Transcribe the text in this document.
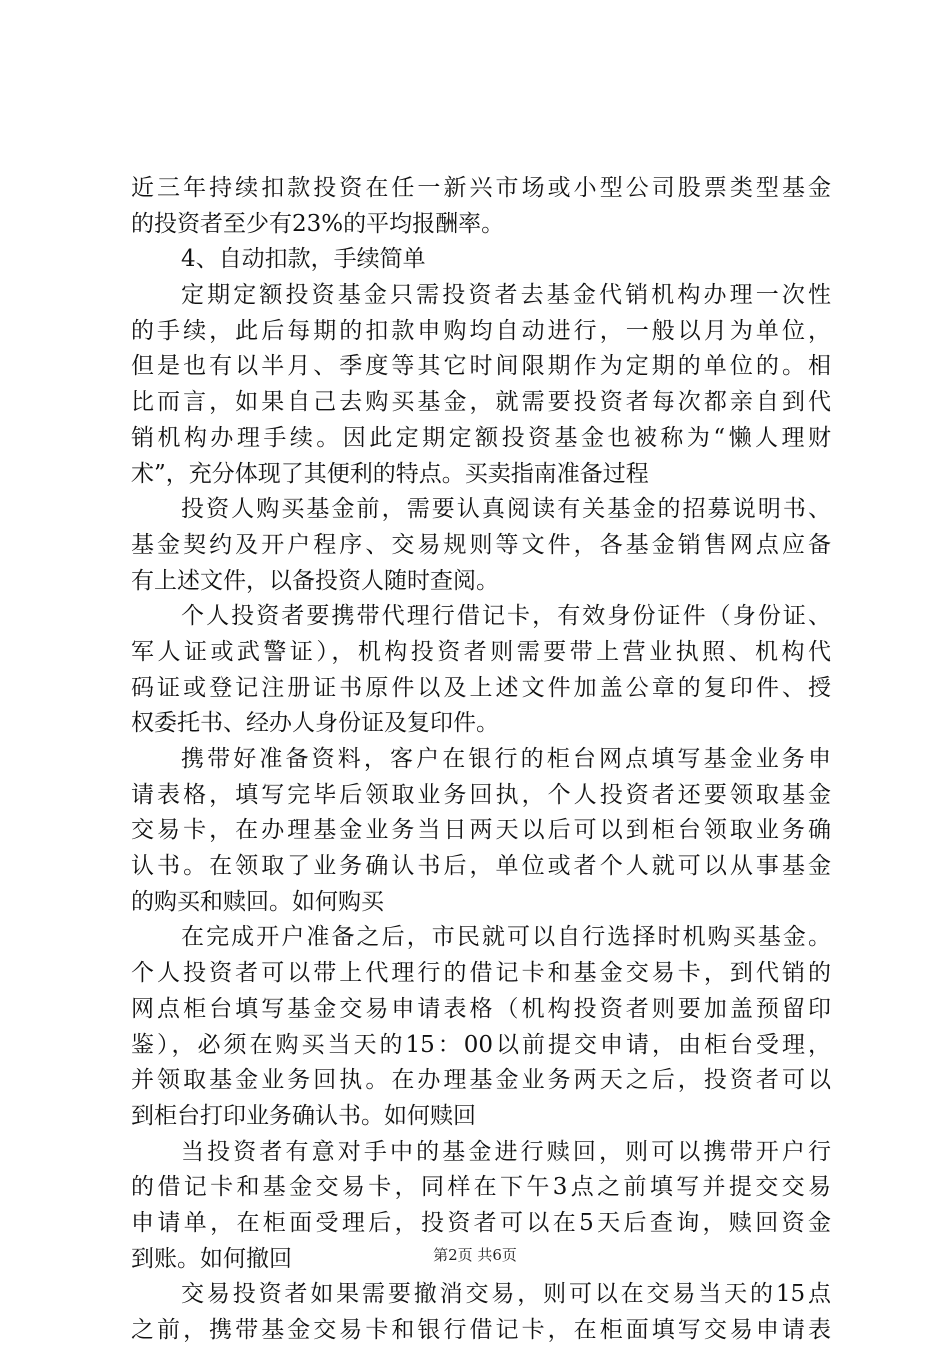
近三年持续扣款投资在任一新兴市场或小型公司股票类型基金
的投资者至少有23%的平均报酬率。
4、自动扣款，手续简单
定期定额投资基金只需投资者去基金代销机构办理一次性
的手续，此后每期的扣款申购均自动进行，一般以月为单位，
但是也有以半月、季度等其它时间限期作为定期的单位的。相
比而言，如果自己去购买基金，就需要投资者每次都亲自到代
销机构办理手续。因此定期定额投资基金也被称为“懒人理财
术”，充分体现了其便利的特点。买卖指南准备过程
投资人购买基金前，需要认真阅读有关基金的招募说明书、
基金契约及开户程序、交易规则等文件，各基金销售网点应备
有上述文件，以备投资人随时查阅。
个人投资者要携带代理行借记卡，有效身份证件（身份证、
军人证或武警证），机构投资者则需要带上营业执照、机构代
码证或登记注册证书原件以及上述文件加盖公章的复印件、授
权委托书、经办人身份证及复印件。
携带好准备资料，客户在银行的柜台网点填写基金业务申
请表格，填写完毕后领取业务回执，个人投资者还要领取基金
交易卡，在办理基金业务当日两天以后可以到柜台领取业务确
认书。在领取了业务确认书后，单位或者个人就可以从事基金
的购买和赎回。如何购买
在完成开户准备之后，市民就可以自行选择时机购买基金。
个人投资者可以带上代理行的借记卡和基金交易卡，到代销的
网点柜台填写基金交易申请表格（机构投资者则要加盖预留印
鉴），必须在购买当天的15：00以前提交申请，由柜台受理，
并领取基金业务回执。在办理基金业务两天之后，投资者可以
到柜台打印业务确认书。如何赎回
当投资者有意对手中的基金进行赎回，则可以携带开户行
的借记卡和基金交易卡，同样在下午3点之前填写并提交交易
申请单，在柜面受理后，投资者可以在5天后查询，赎回资金
到账。如何撤回
交易投资者如果需要撤消交易，则可以在交易当天的15点
之前，携带基金交易卡和银行借记卡，在柜面填写交易申请表
第2页 共6页
